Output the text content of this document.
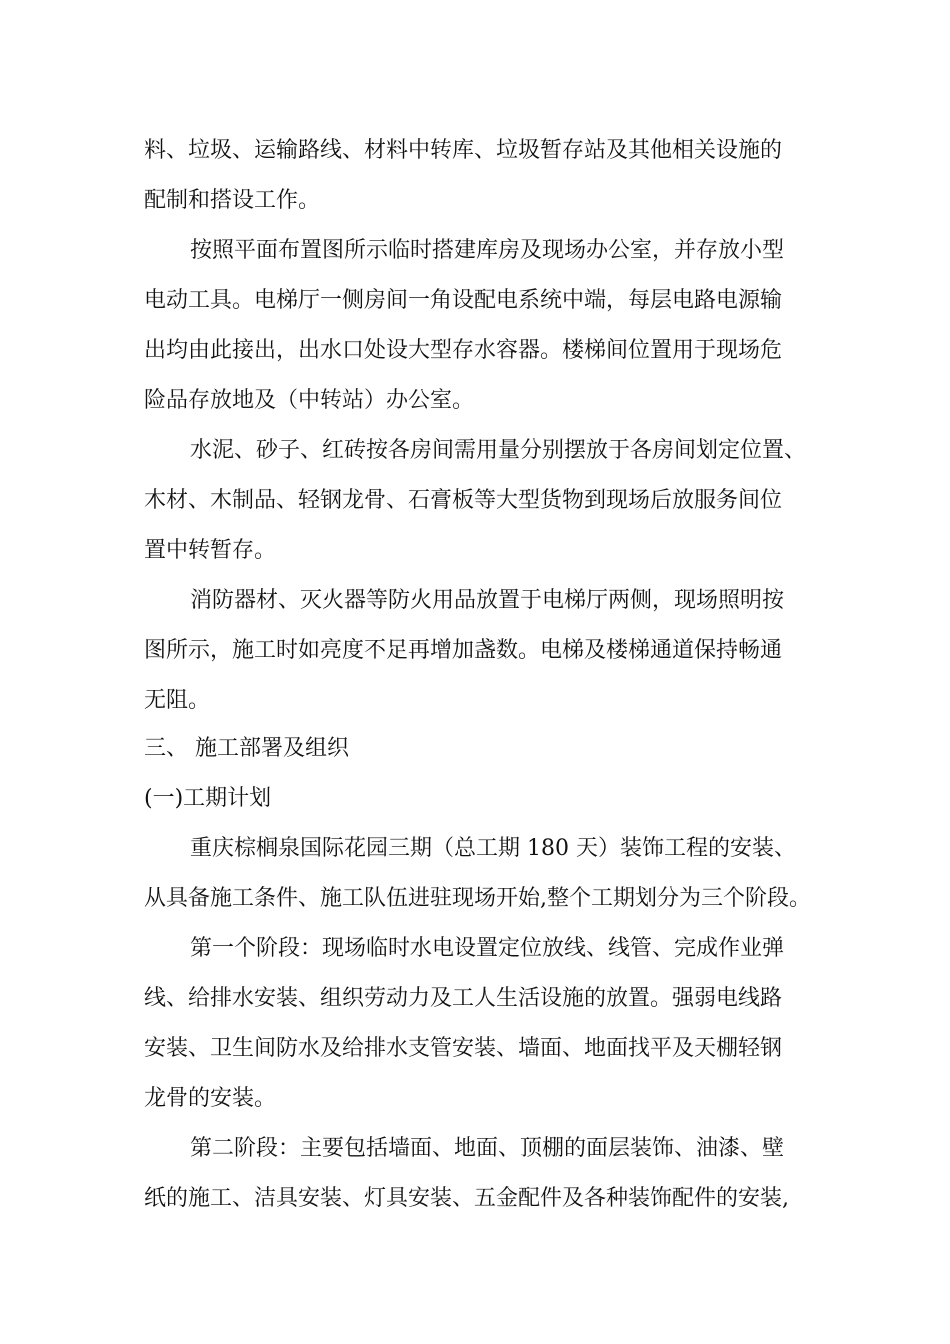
料、垃圾、运输路线、材料中转库、垃圾暂存站及其他相关设施的
配制和搭设工作。
按照平面布置图所示临时搭建库房及现场办公室，并存放小型
电动工具。电梯厅一侧房间一角设配电系统中端，每层电路电源输
出均由此接出，出水口处设大型存水容器。楼梯间位置用于现场危
险品存放地及（中转站）办公室。
水泥、砂子、红砖按各房间需用量分别摆放于各房间划定位置、
木材、木制品、轻钢龙骨、石膏板等大型货物到现场后放服务间位
置中转暂存。
消防器材、灭火器等防火用品放置于电梯厅两侧，现场照明按
图所示，施工时如亮度不足再增加盏数。电梯及楼梯通道保持畅通
无阻。
三、 施工部署及组织
(一)工期计划
重庆棕榈泉国际花园三期（总工期 180 天）装饰工程的安装、
从具备施工条件、施工队伍进驻现场开始,整个工期划分为三个阶段。
第一个阶段：现场临时水电设置定位放线、线管、完成作业弹
线、给排水安装、组织劳动力及工人生活设施的放置。强弱电线路
安装、卫生间防水及给排水支管安装、墙面、地面找平及天棚轻钢
龙骨的安装。
第二阶段：主要包括墙面、地面、顶棚的面层装饰、油漆、壁
纸的施工、洁具安装、灯具安装、五金配件及各种装饰配件的安装,
